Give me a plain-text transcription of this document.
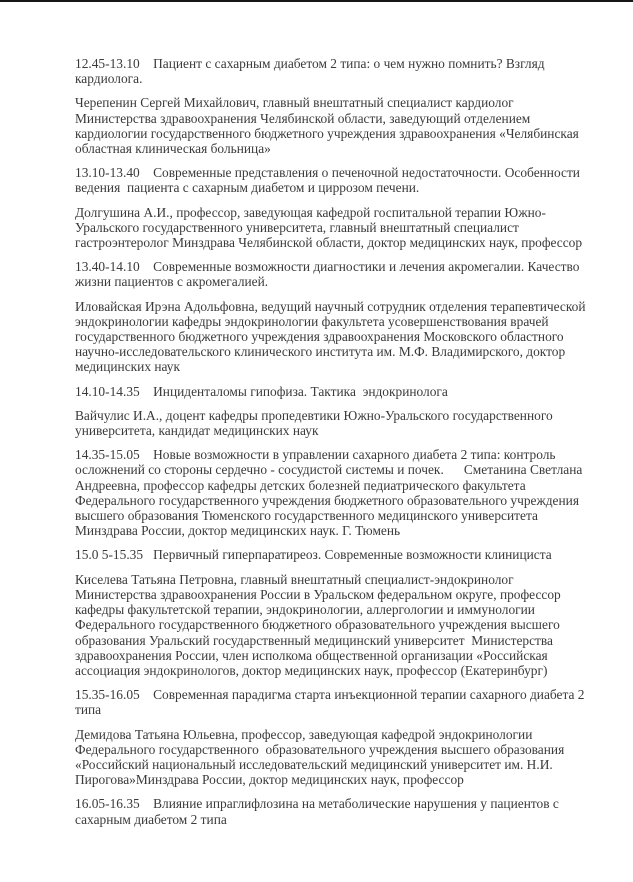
12.45-13.10    Пациент с сахарным диабетом 2 типа: о чем нужно помнить? Взгляд кардиолога.

Черепенин Сергей Михайлович, главный внештатный специалист кардиолог Министерства здравоохранения Челябинской области, заведующий отделением кардиологии государственного бюджетного учреждения здравоохранения «Челябинская областная клиническая больница»

13.10-13.40    Современные представления о печеночной недостаточности. Особенности ведения  пациента с сахарным диабетом и циррозом печени.

Долгушина А.И., профессор, заведующая кафедрой госпитальной терапии Южно-Уральского государственного университета, главный внештатный специалист гастроэнтеролог Минздрава Челябинской области, доктор медицинских наук, профессор

13.40-14.10    Современные возможности диагностики и лечения акромегалии. Качество жизни пациентов с акромегалией.

Иловайская Ирэна Адольфовна, ведущий научный сотрудник отделения терапевтической эндокринологии кафедры эндокринологии факультета усовершенствования врачей государственного бюджетного учреждения здравоохранения Московского областного научно-исследовательского клинического института им. М.Ф. Владимирского, доктор медицинских наук

14.10-14.35    Инциденталомы гипофиза. Тактика  эндокринолога

Вайчулис И.А., доцент кафедры пропедевтики Южно-Уральского государственного университета, кандидат медицинских наук

14.35-15.05    Новые возможности в управлении сахарного диабета 2 типа: контроль осложнений со стороны сердечно - сосудистой системы и почек.      Сметанина Светлана Андреевна, профессор кафедры детских болезней педиатрического факультета Федерального государственного учреждения бюджетного образовательного учреждения высшего образования Тюменского государственного медицинского университета Минздрава России, доктор медицинских наук. Г. Тюмень

15.0 5-15.35   Первичный гиперпаратиреоз. Современные возможности клинициста

Киселева Татьяна Петровна, главный внештатный специалист-эндокринолог Министерства здравоохранения России в Уральском федеральном округе, профессор кафедры факультетской терапии, эндокринологии, аллергологии и иммунологии Федерального государственного бюджетного образовательного учреждения высшего образования Уральский государственный медицинский университет  Министерства здравоохранения России, член исполкома общественной организации «Российская ассоциация эндокринологов, доктор медицинских наук, профессор (Екатеринбург)

15.35-16.05    Современная парадигма старта инъекционной терапии сахарного диабета 2 типа

Демидова Татьяна Юльевна, профессор, заведующая кафедрой эндокринологии Федерального государственного  образовательного учреждения высшего образования «Российский национальный исследовательский медицинский университет им. Н.И. Пирогова»Минздрава России, доктор медицинских наук, профессор

16.05-16.35    Влияние ипраглифлозина на метаболические нарушения у пациентов с сахарным диабетом 2 типа
